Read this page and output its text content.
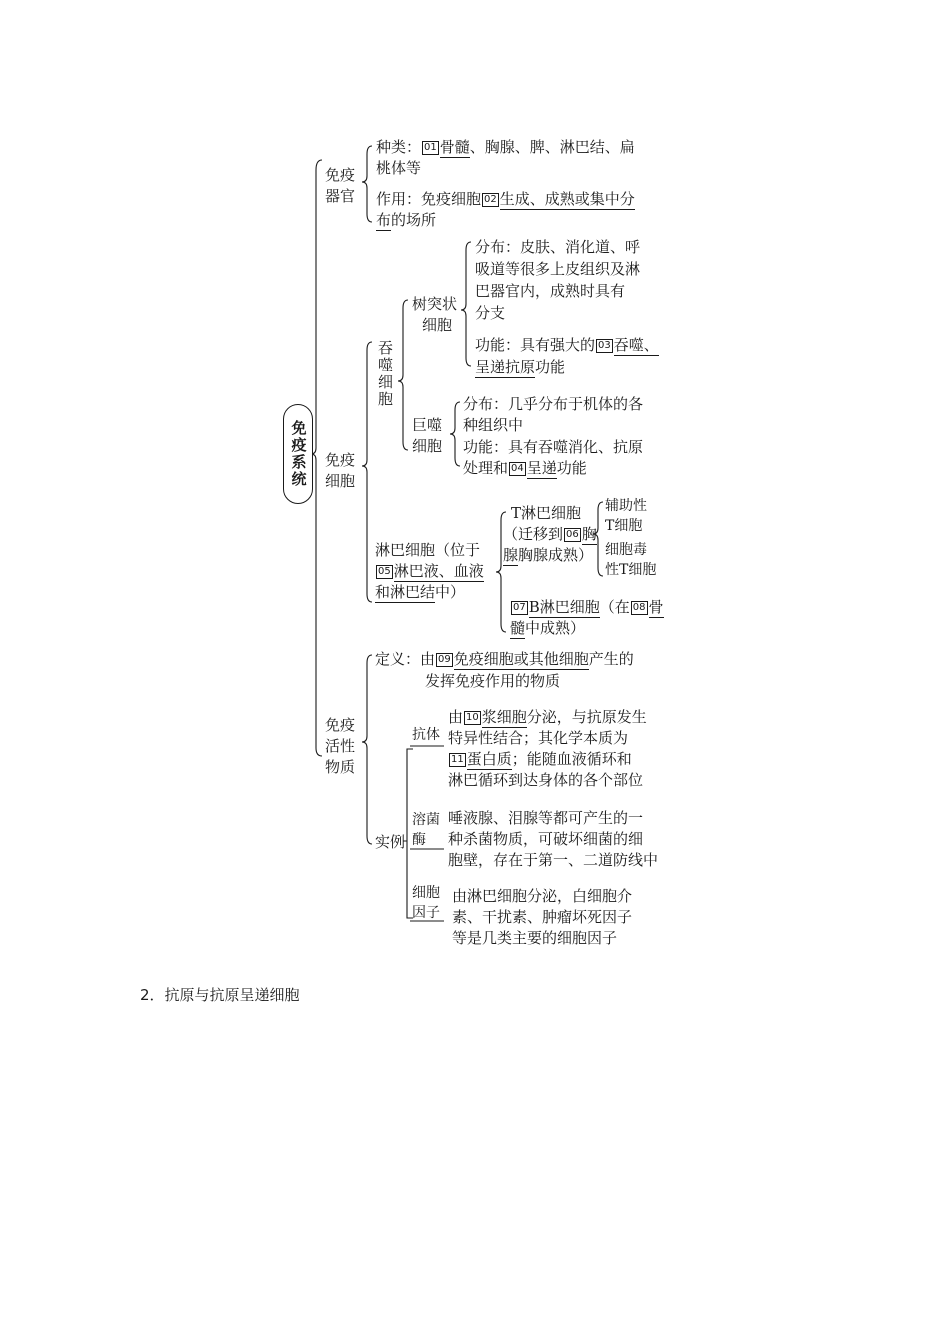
免疫系统
免疫
器官
种类： 01 骨髓、胸腺、脾、淋巴结、扁
桃体等
作用：免疫细胞 02 生成、成熟或集中分
布的场所
免疫
细胞
吞噬细胞
树突状
细胞
分布：皮肤、消化道、呼
吸道等很多上皮组织及淋
巴器官内，成熟时具有
分支
功能：具有强大的 03 吞噬、
呈递抗原功能
巨噬
细胞
分布：几乎分布于机体的各
种组织中
功能：具有吞噬消化、抗原
处理和 04 呈递功能
淋巴细胞（位于
05 淋巴液、血液
和淋巴结中）
T淋巴细胞
（迁移到 06 胸
腺胸腺成熟）
辅助性
T细胞
细胞毒
性T细胞
07 B淋巴细胞（在 08 骨
髓中成熟）
免疫
活性
物质
定义：由 09 免疫细胞或其他细胞产生的
发挥免疫作用的物质
实例
抗体
由 10 浆细胞分泌，与抗原发生
特异性结合；其化学本质为
11 蛋白质；能随血液循环和
淋巴循环到达身体的各个部位
溶菌
酶
唾液腺、泪腺等都可产生的一
种杀菌物质，可破坏细菌的细
胞壁，存在于第一、二道防线中
细胞
因子
由淋巴细胞分泌，白细胞介
素、干扰素、肿瘤坏死因子
等是几类主要的细胞因子
2．抗原与抗原呈递细胞
